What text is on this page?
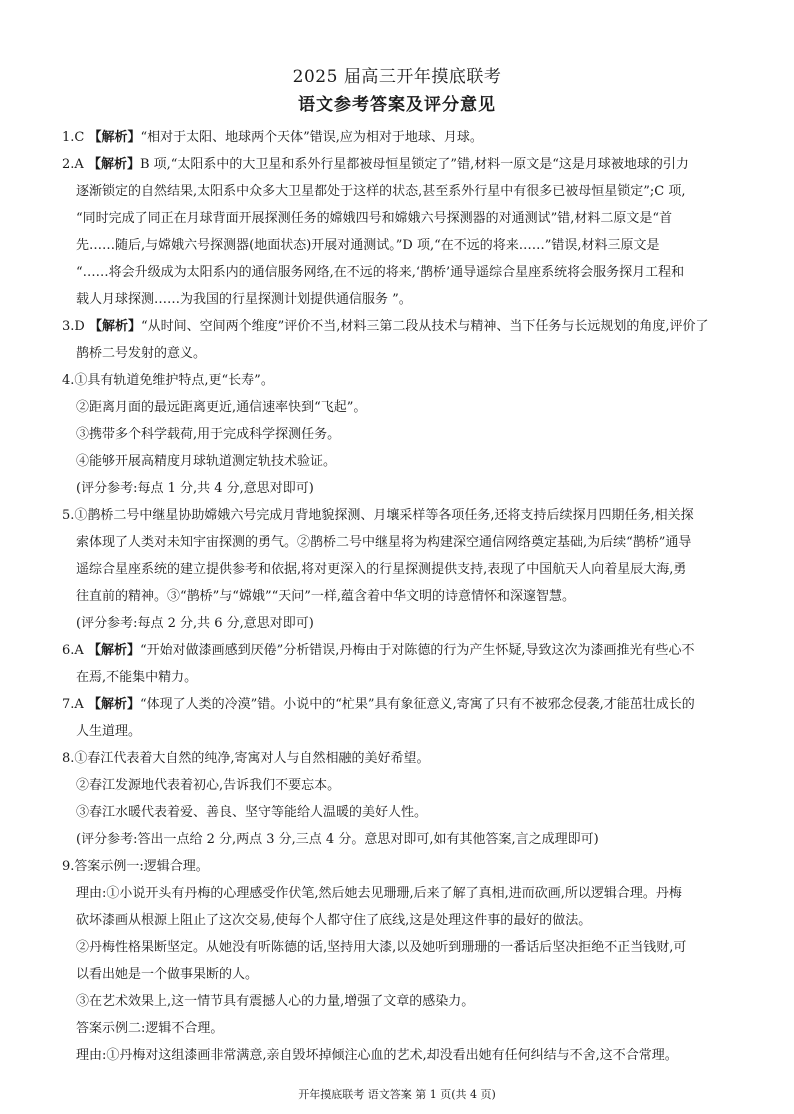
2025 届高三开年摸底联考
语文参考答案及评分意见
1.C 【解析】“相对于太阳、地球两个天体”错误,应为相对于地球、月球。
2.A 【解析】B 项,“太阳系中的大卫星和系外行星都被母恒星锁定了”错,材料一原文是“这是月球被地球的引力
逐渐锁定的自然结果,太阳系中众多大卫星都处于这样的状态,甚至系外行星中有很多已被母恒星锁定”;C 项,
“同时完成了同正在月球背面开展探测任务的嫦娥四号和嫦娥六号探测器的对通测试”错,材料二原文是“首
先……随后,与嫦娥六号探测器(地面状态)开展对通测试。”D 项,“在不远的将来……”错误,材料三原文是
“……将会升级成为太阳系内的通信服务网络,在不远的将来,‘鹊桥’通导遥综合星座系统将会服务探月工程和
载人月球探测……为我国的行星探测计划提供通信服务 ”。
3.D 【解析】“从时间、空间两个维度”评价不当,材料三第二段从技术与精神、当下任务与长远规划的角度,评价了
鹊桥二号发射的意义。
4.①具有轨道免维护特点,更“长寿”。
②距离月面的最远距离更近,通信速率快到“飞起”。
③携带多个科学载荷,用于完成科学探测任务。
④能够开展高精度月球轨道测定轨技术验证。
(评分参考:每点 1 分,共 4 分,意思对即可)
5.①鹊桥二号中继星协助嫦娥六号完成月背地貌探测、月壤采样等各项任务,还将支持后续探月四期任务,相关探
索体现了人类对未知宇宙探测的勇气。②鹊桥二号中继星将为构建深空通信网络奠定基础,为后续“鹊桥”通导
遥综合星座系统的建立提供参考和依据,将对更深入的行星探测提供支持,表现了中国航天人向着星辰大海,勇
往直前的精神。③“鹊桥”与“嫦娥”“天问”一样,蕴含着中华文明的诗意情怀和深邃智慧。
(评分参考:每点 2 分,共 6 分,意思对即可)
6.A 【解析】“开始对做漆画感到厌倦”分析错误,丹梅由于对陈德的行为产生怀疑,导致这次为漆画推光有些心不
在焉,不能集中精力。
7.A 【解析】“体现了人类的冷漠”错。小说中的“杧果”具有象征意义,寄寓了只有不被邪念侵袭,才能茁壮成长的
人生道理。
8.①春江代表着大自然的纯净,寄寓对人与自然相融的美好希望。
②春江发源地代表着初心,告诉我们不要忘本。
③春江水暖代表着爱、善良、坚守等能给人温暖的美好人性。
(评分参考:答出一点给 2 分,两点 3 分,三点 4 分。意思对即可,如有其他答案,言之成理即可)
9.答案示例一:逻辑合理。
理由:①小说开头有丹梅的心理感受作伏笔,然后她去见珊珊,后来了解了真相,进而砍画,所以逻辑合理。丹梅
砍坏漆画从根源上阻止了这次交易,使每个人都守住了底线,这是处理这件事的最好的做法。
②丹梅性格果断坚定。从她没有听陈德的话,坚持用大漆,以及她听到珊珊的一番话后坚决拒绝不正当钱财,可
以看出她是一个做事果断的人。
③在艺术效果上,这一情节具有震撼人心的力量,增强了文章的感染力。
答案示例二:逻辑不合理。
理由:①丹梅对这组漆画非常满意,亲自毁坏掉倾注心血的艺术,却没看出她有任何纠结与不舍,这不合常理。
开年摸底联考 语文答案 第 1 页(共 4 页)
